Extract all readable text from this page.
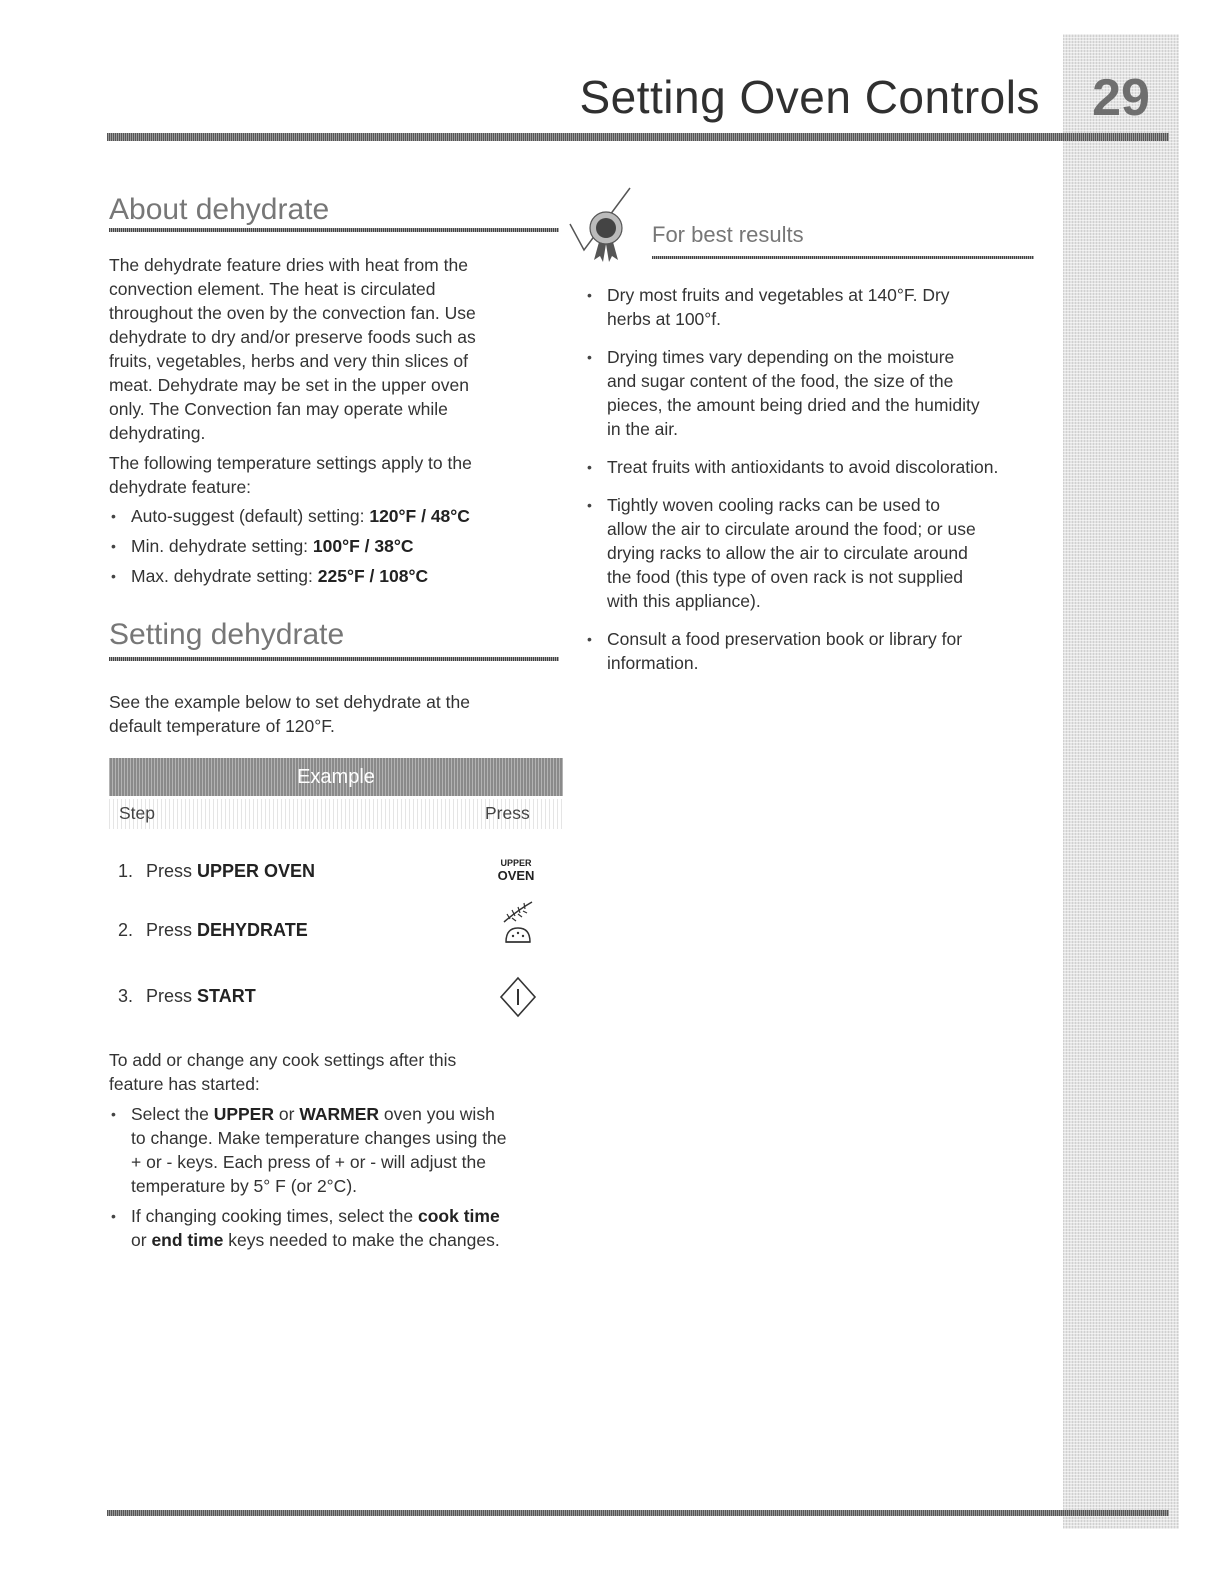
Setting Oven Controls	29
About dehydrate
The dehydrate feature dries with heat from the
convection element. The heat is circulated
throughout the oven by the convection fan. Use
dehydrate to dry and/or preserve foods such as
fruits, vegetables, herbs and very thin slices of
meat. Dehydrate may be set in the upper oven
only. The Convection fan may operate while
dehydrating.
The following temperature settings apply to the
dehydrate feature:
• Auto-suggest (default) setting: 120°F / 48°C
• Min. dehydrate setting: 100°F / 38°C
• Max. dehydrate setting: 225°F / 108°C
Setting dehydrate
See the example below to set dehydrate at the
default temperature of 120°F.
Example
Step	Press
1. Press UPPER OVEN	UPPER
OVEN
2. Press DEHYDRATE
3. Press START
To add or change any cook settings after this
feature has started:
• Select the UPPER or WARMER oven you wish
to change. Make temperature changes using the
+ or - keys. Each press of + or - will adjust the
temperature by 5° F (or 2°C).
• If changing cooking times, select the cook time
or end time keys needed to make the changes.
For best results
• Dry most fruits and vegetables at 140°F. Dry
herbs at 100°f.
• Drying times vary depending on the moisture
and sugar content of the food, the size of the
pieces, the amount being dried and the humidity
in the air.
• Treat fruits with antioxidants to avoid discoloration.
• Tightly woven cooling racks can be used to
allow the air to circulate around the food; or use
drying racks to allow the air to circulate around
the food (this type of oven rack is not supplied
with this appliance).
• Consult a food preservation book or library for
information.
